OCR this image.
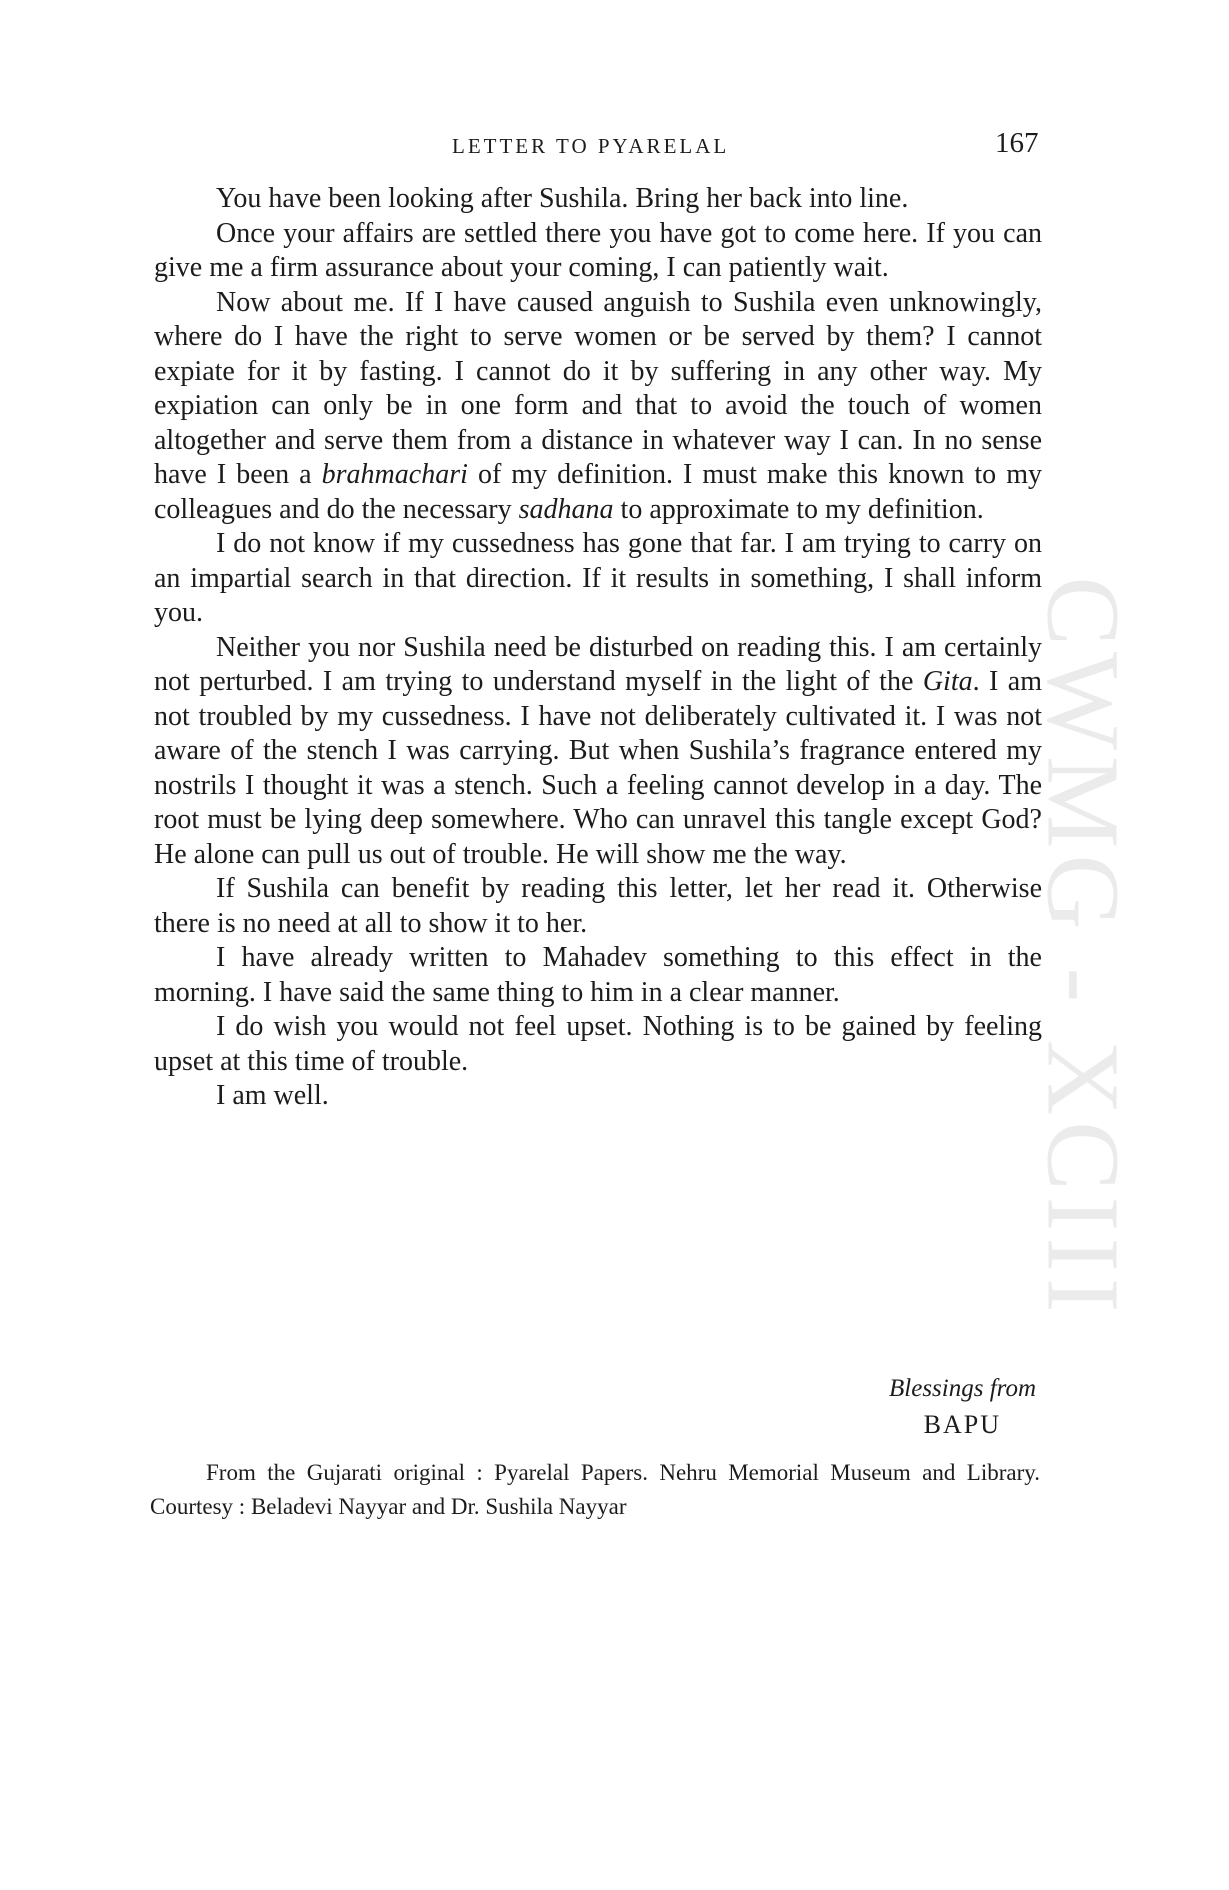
CWMG - XCIII
LETTER TO PYARELAL	167

You have been looking after Sushila. Bring her back into line.

Once your affairs are settled there you have got to come here. If you can give me a firm assurance about your coming, I can patiently wait.

Now about me. If I have caused anguish to Sushila even unknowingly, where do I have the right to serve women or be served by them? I cannot expiate for it by fasting. I cannot do it by suffering in any other way. My expiation can only be in one form and that to avoid the touch of women altogether and serve them from a distance in whatever way I can. In no sense have I been a brahmachari of my definition. I must make this known to my colleagues and do the necessary sadhana to approximate to my definition.

I do not know if my cussedness has gone that far. I am trying to carry on an impartial search in that direction. If it results in something, I shall inform you.

Neither you nor Sushila need be disturbed on reading this. I am certainly not perturbed. I am trying to understand myself in the light of the Gita. I am not troubled by my cussedness. I have not deliberately cultivated it. I was not aware of the stench I was carrying. But when Sushila’s fragrance entered my nostrils I thought it was a stench. Such a feeling cannot develop in a day. The root must be lying deep somewhere. Who can unravel this tangle except God? He alone can pull us out of trouble. He will show me the way.

If Sushila can benefit by reading this letter, let her read it. Otherwise there is no need at all to show it to her.

I have already written to Mahadev something to this effect in the morning. I have said the same thing to him in a clear manner.

I do wish you would not feel upset. Nothing is to be gained by feeling upset at this time of trouble.

I am well.

Blessings from
BAPU
From the Gujarati original : Pyarelal Papers. Nehru Memorial Museum and Library. Courtesy : Beladevi Nayyar and Dr. Sushila Nayyar
